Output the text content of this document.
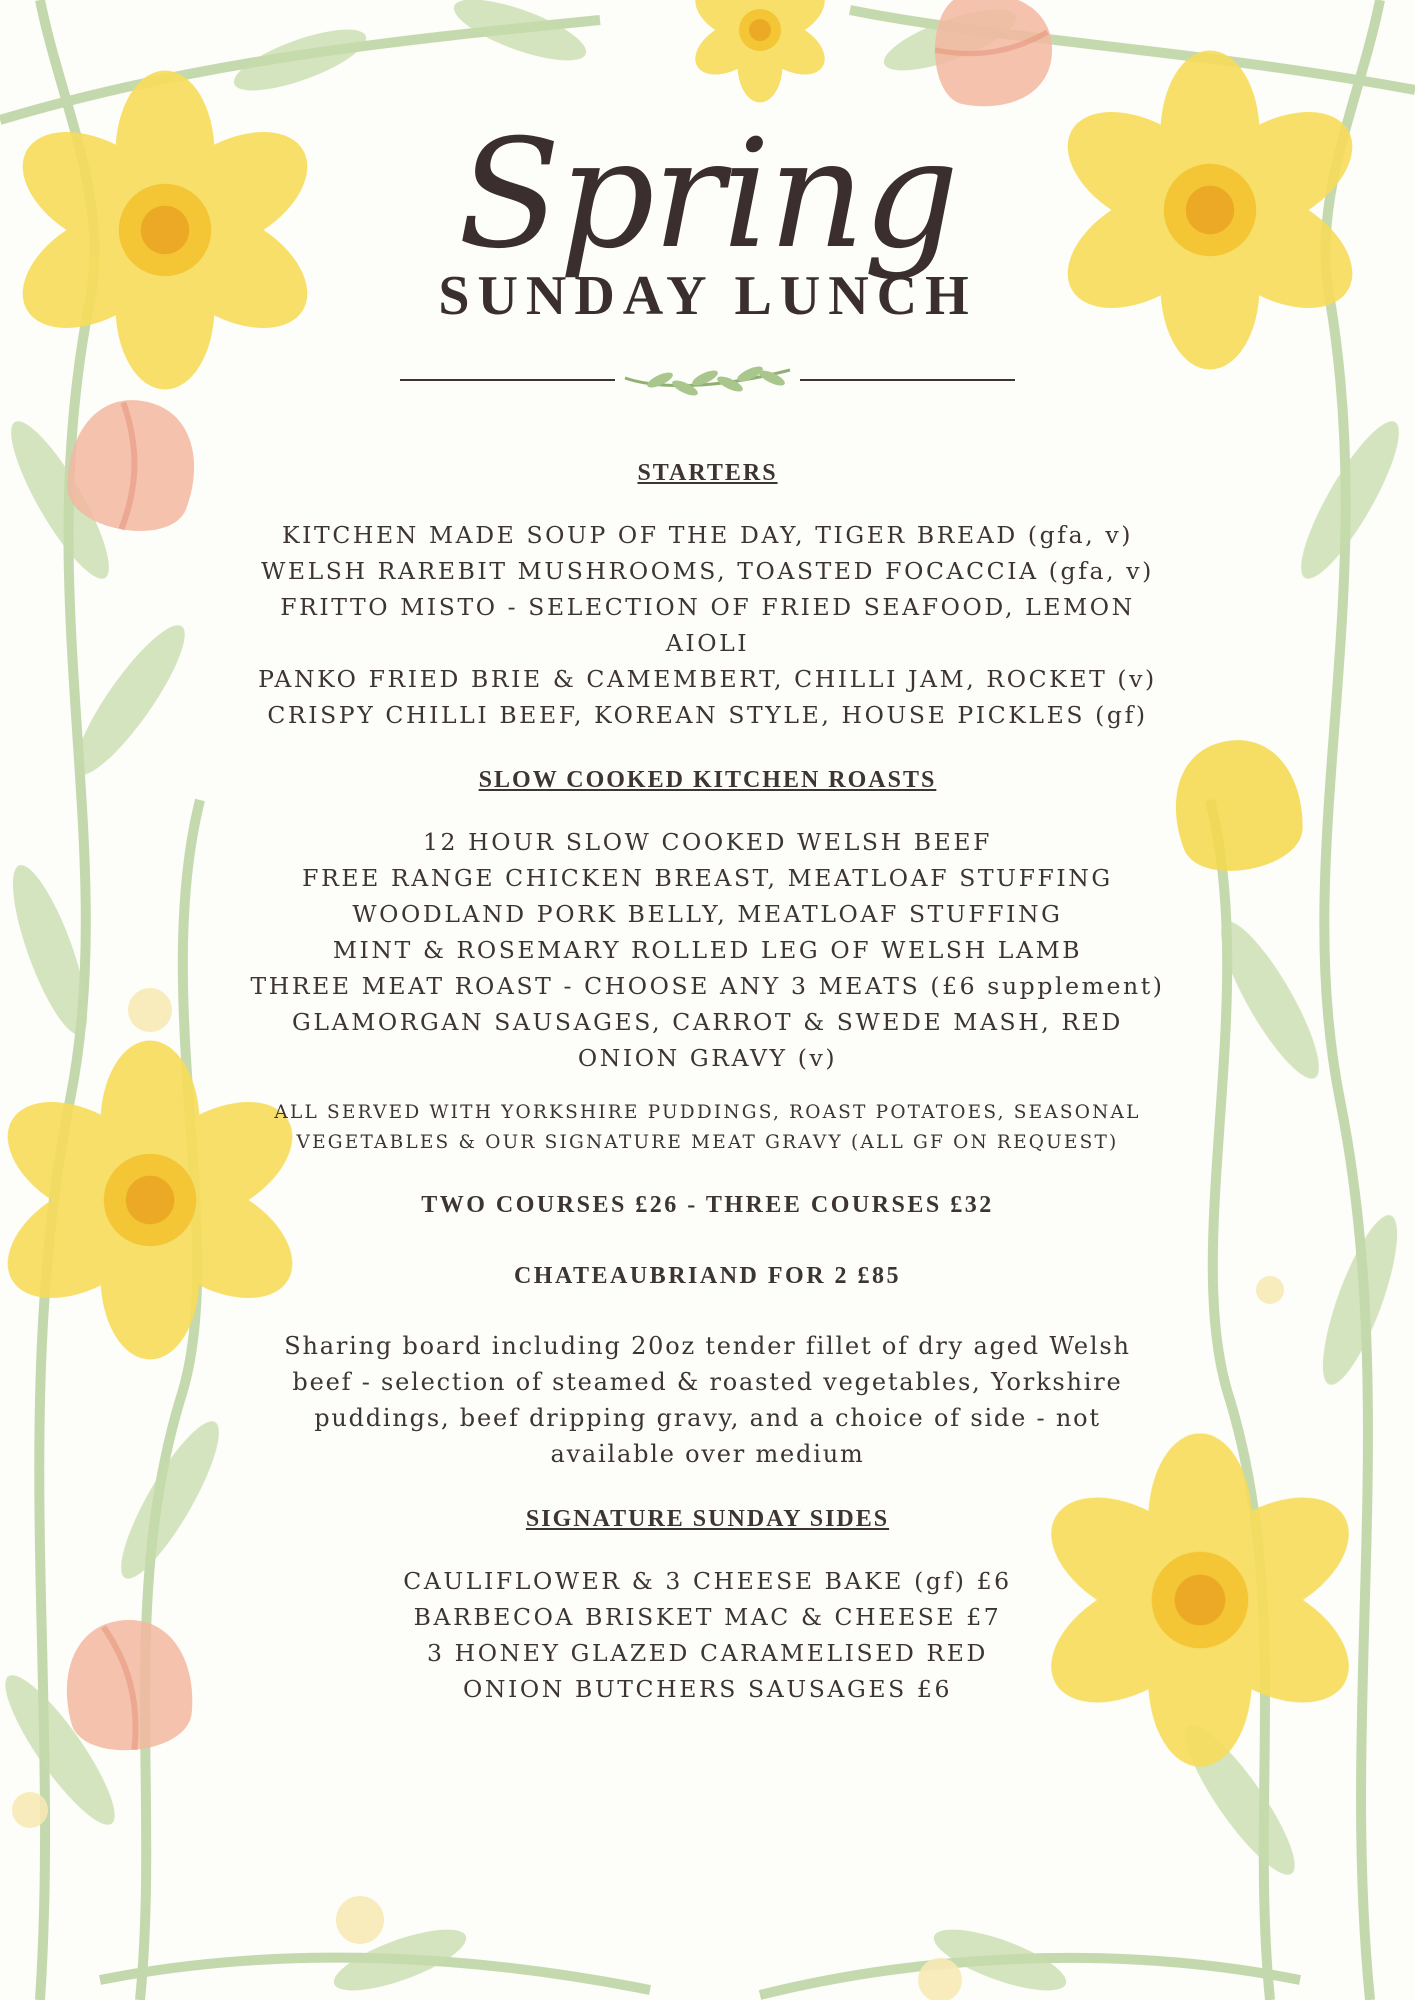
Spring
SUNDAY LUNCH

STARTERS

KITCHEN MADE SOUP OF THE DAY, TIGER BREAD (gfa, v)
WELSH RAREBIT MUSHROOMS, TOASTED FOCACCIA (gfa, v)
FRITTO MISTO - SELECTION OF FRIED SEAFOOD, LEMON
AIOLI
PANKO FRIED BRIE & CAMEMBERT, CHILLI JAM, ROCKET (v)
CRISPY CHILLI BEEF, KOREAN STYLE, HOUSE PICKLES (gf)

SLOW COOKED KITCHEN ROASTS

12 HOUR SLOW COOKED WELSH BEEF
FREE RANGE CHICKEN BREAST, MEATLOAF STUFFING
WOODLAND PORK BELLY, MEATLOAF STUFFING
MINT & ROSEMARY ROLLED LEG OF WELSH LAMB
THREE MEAT ROAST - CHOOSE ANY 3 MEATS (£6 supplement)
GLAMORGAN SAUSAGES, CARROT & SWEDE MASH, RED
ONION GRAVY (v)

ALL SERVED WITH YORKSHIRE PUDDINGS, ROAST POTATOES, SEASONAL VEGETABLES & OUR SIGNATURE MEAT GRAVY (ALL GF ON REQUEST)

TWO COURSES £26 - THREE COURSES £32

CHATEAUBRIAND FOR 2 £85

Sharing board including 20oz tender fillet of dry aged Welsh beef - selection of steamed & roasted vegetables, Yorkshire puddings, beef dripping gravy, and a choice of side - not available over medium

SIGNATURE SUNDAY SIDES

CAULIFLOWER & 3 CHEESE BAKE (gf) £6
BARBECOA BRISKET MAC & CHEESE £7
3 HONEY GLAZED CARAMELISED RED
ONION BUTCHERS SAUSAGES £6
